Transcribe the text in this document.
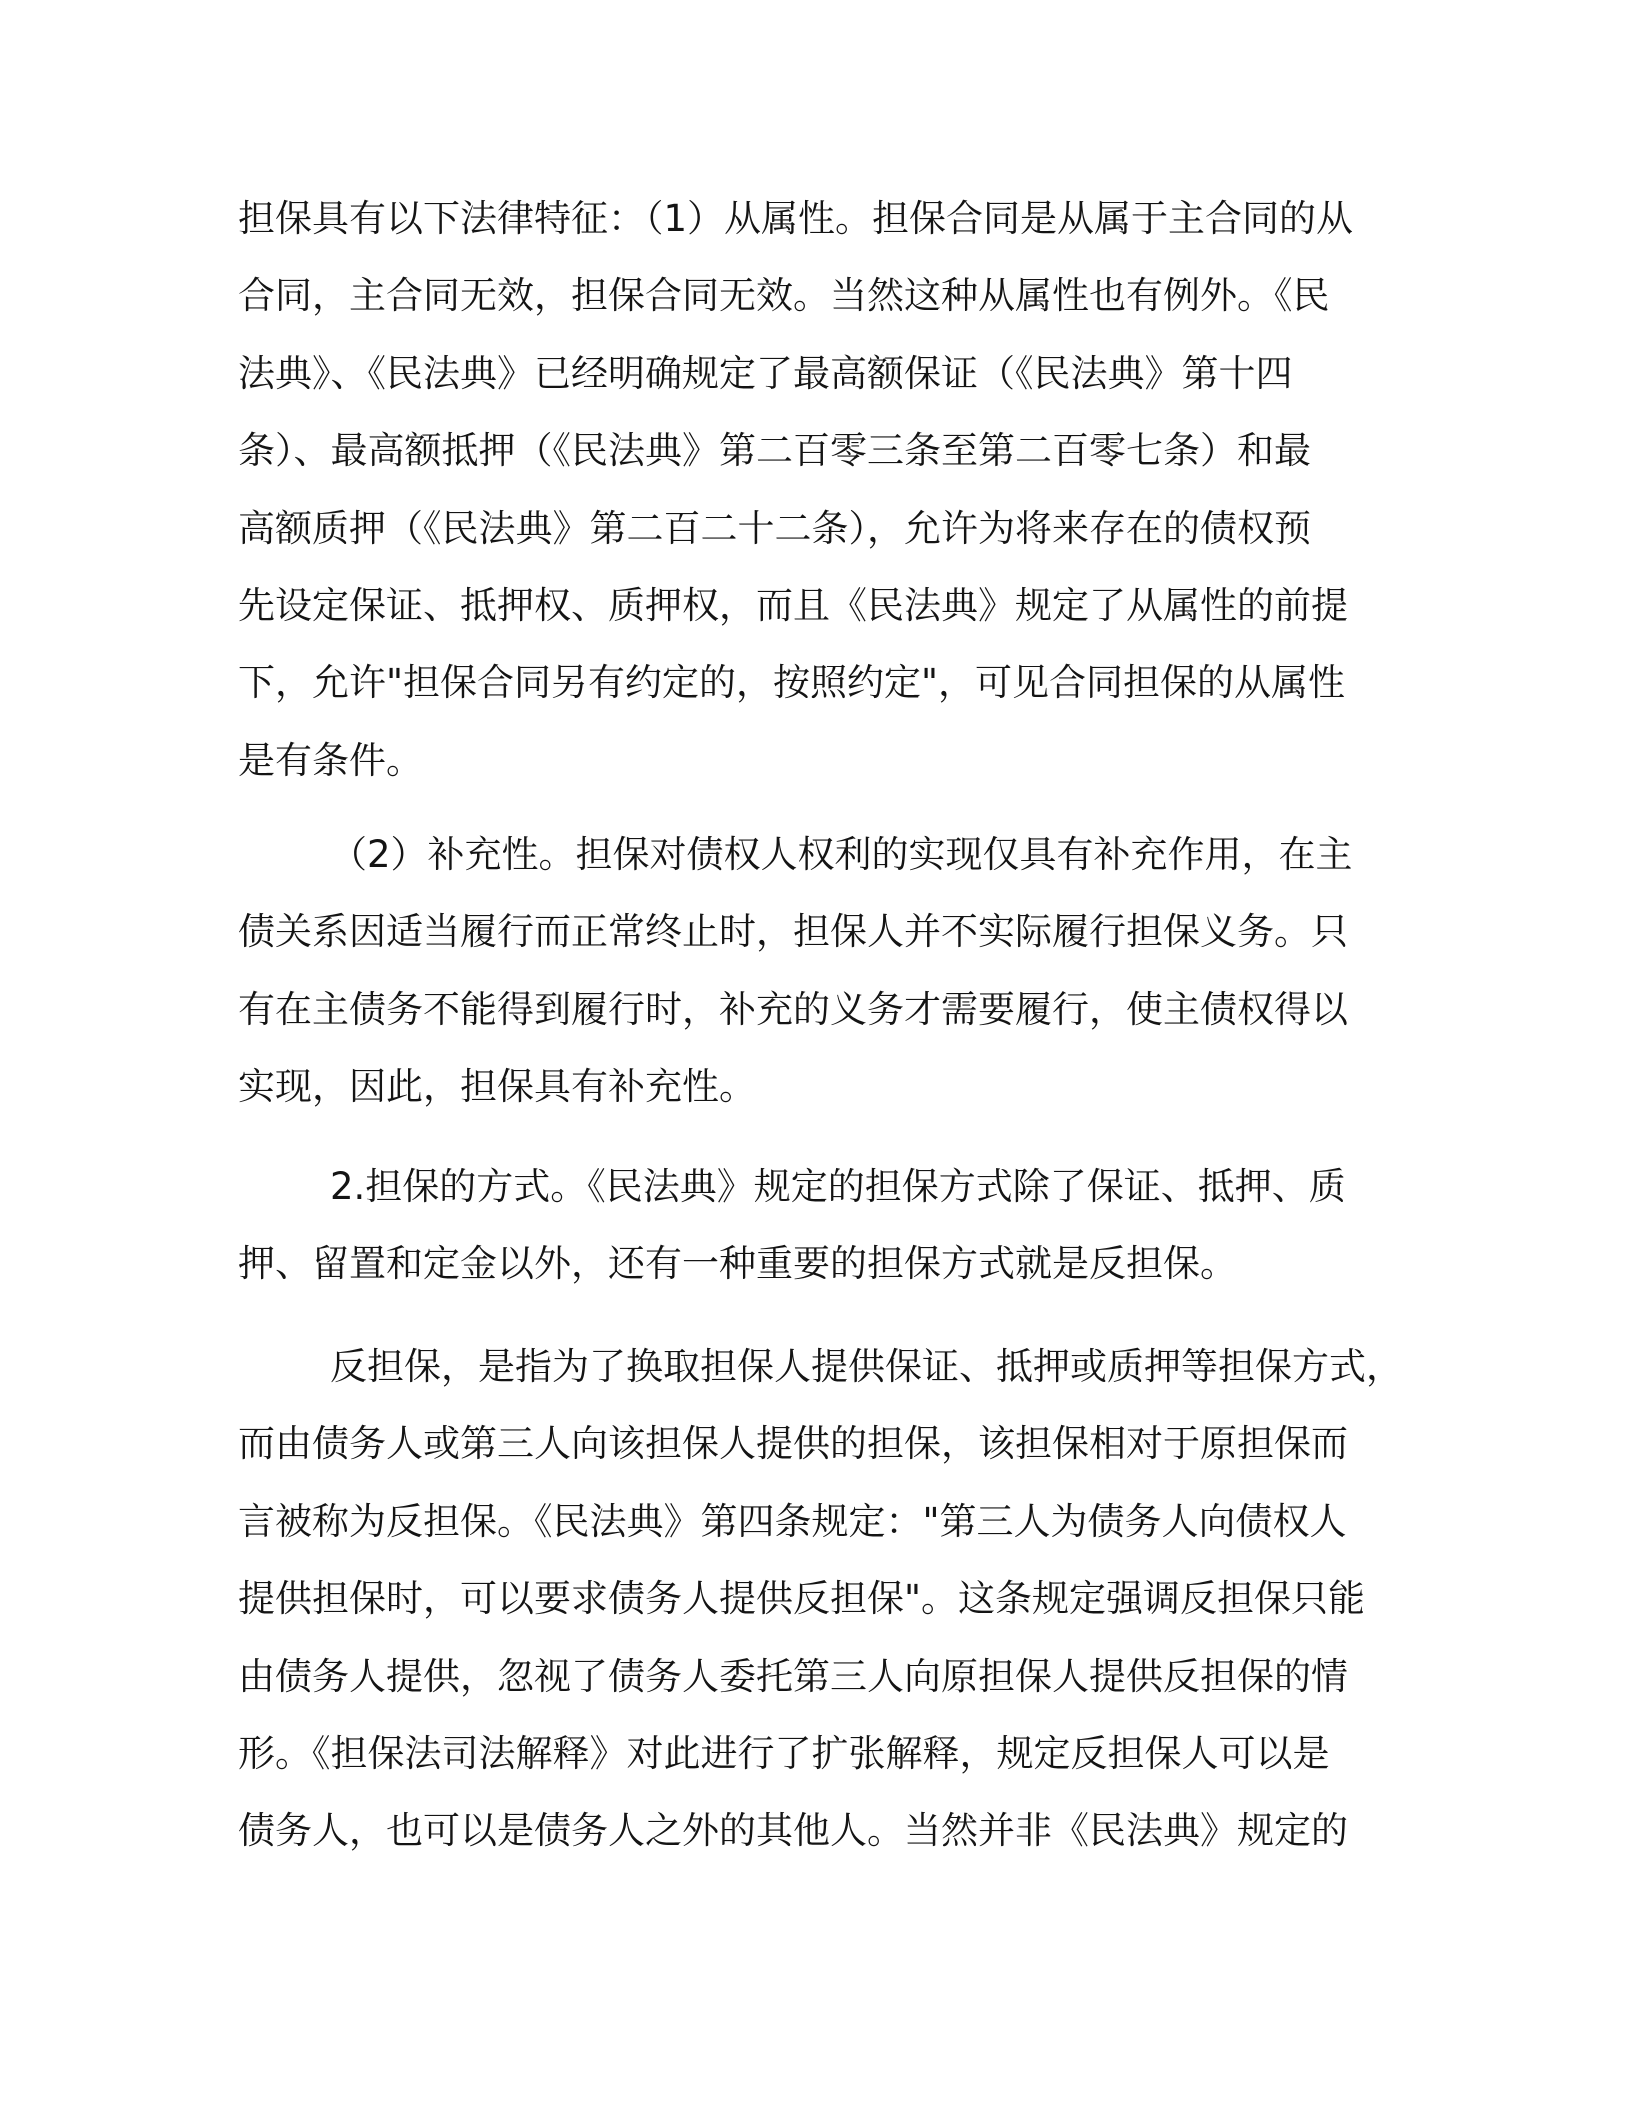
担保具有以下法律特征：（1）从属性。担保合同是从属于主合同的从
合同，主合同无效，担保合同无效。当然这种从属性也有例外。《民
法典》、《民法典》已经明确规定了最高额保证（《民法典》第十四
条）、最高额抵押（《民法典》第二百零三条至第二百零七条）和最
高额质押（《民法典》第二百二十二条），允许为将来存在的债权预
先设定保证、抵押权、质押权，而且《民法典》规定了从属性的前提
下，允许"担保合同另有约定的，按照约定"，可见合同担保的从属性
是有条件。
（2）补充性。担保对债权人权利的实现仅具有补充作用，在主
债关系因适当履行而正常终止时，担保人并不实际履行担保义务。只
有在主债务不能得到履行时，补充的义务才需要履行，使主债权得以
实现，因此，担保具有补充性。
2.担保的方式。《民法典》规定的担保方式除了保证、抵押、质
押、留置和定金以外，还有一种重要的担保方式就是反担保。
反担保，是指为了换取担保人提供保证、抵押或质押等担保方式，
而由债务人或第三人向该担保人提供的担保，该担保相对于原担保而
言被称为反担保。《民法典》第四条规定："第三人为债务人向债权人
提供担保时，可以要求债务人提供反担保"。这条规定强调反担保只能
由债务人提供，忽视了债务人委托第三人向原担保人提供反担保的情
形。《担保法司法解释》对此进行了扩张解释，规定反担保人可以是
债务人，也可以是债务人之外的其他人。当然并非《民法典》规定的
